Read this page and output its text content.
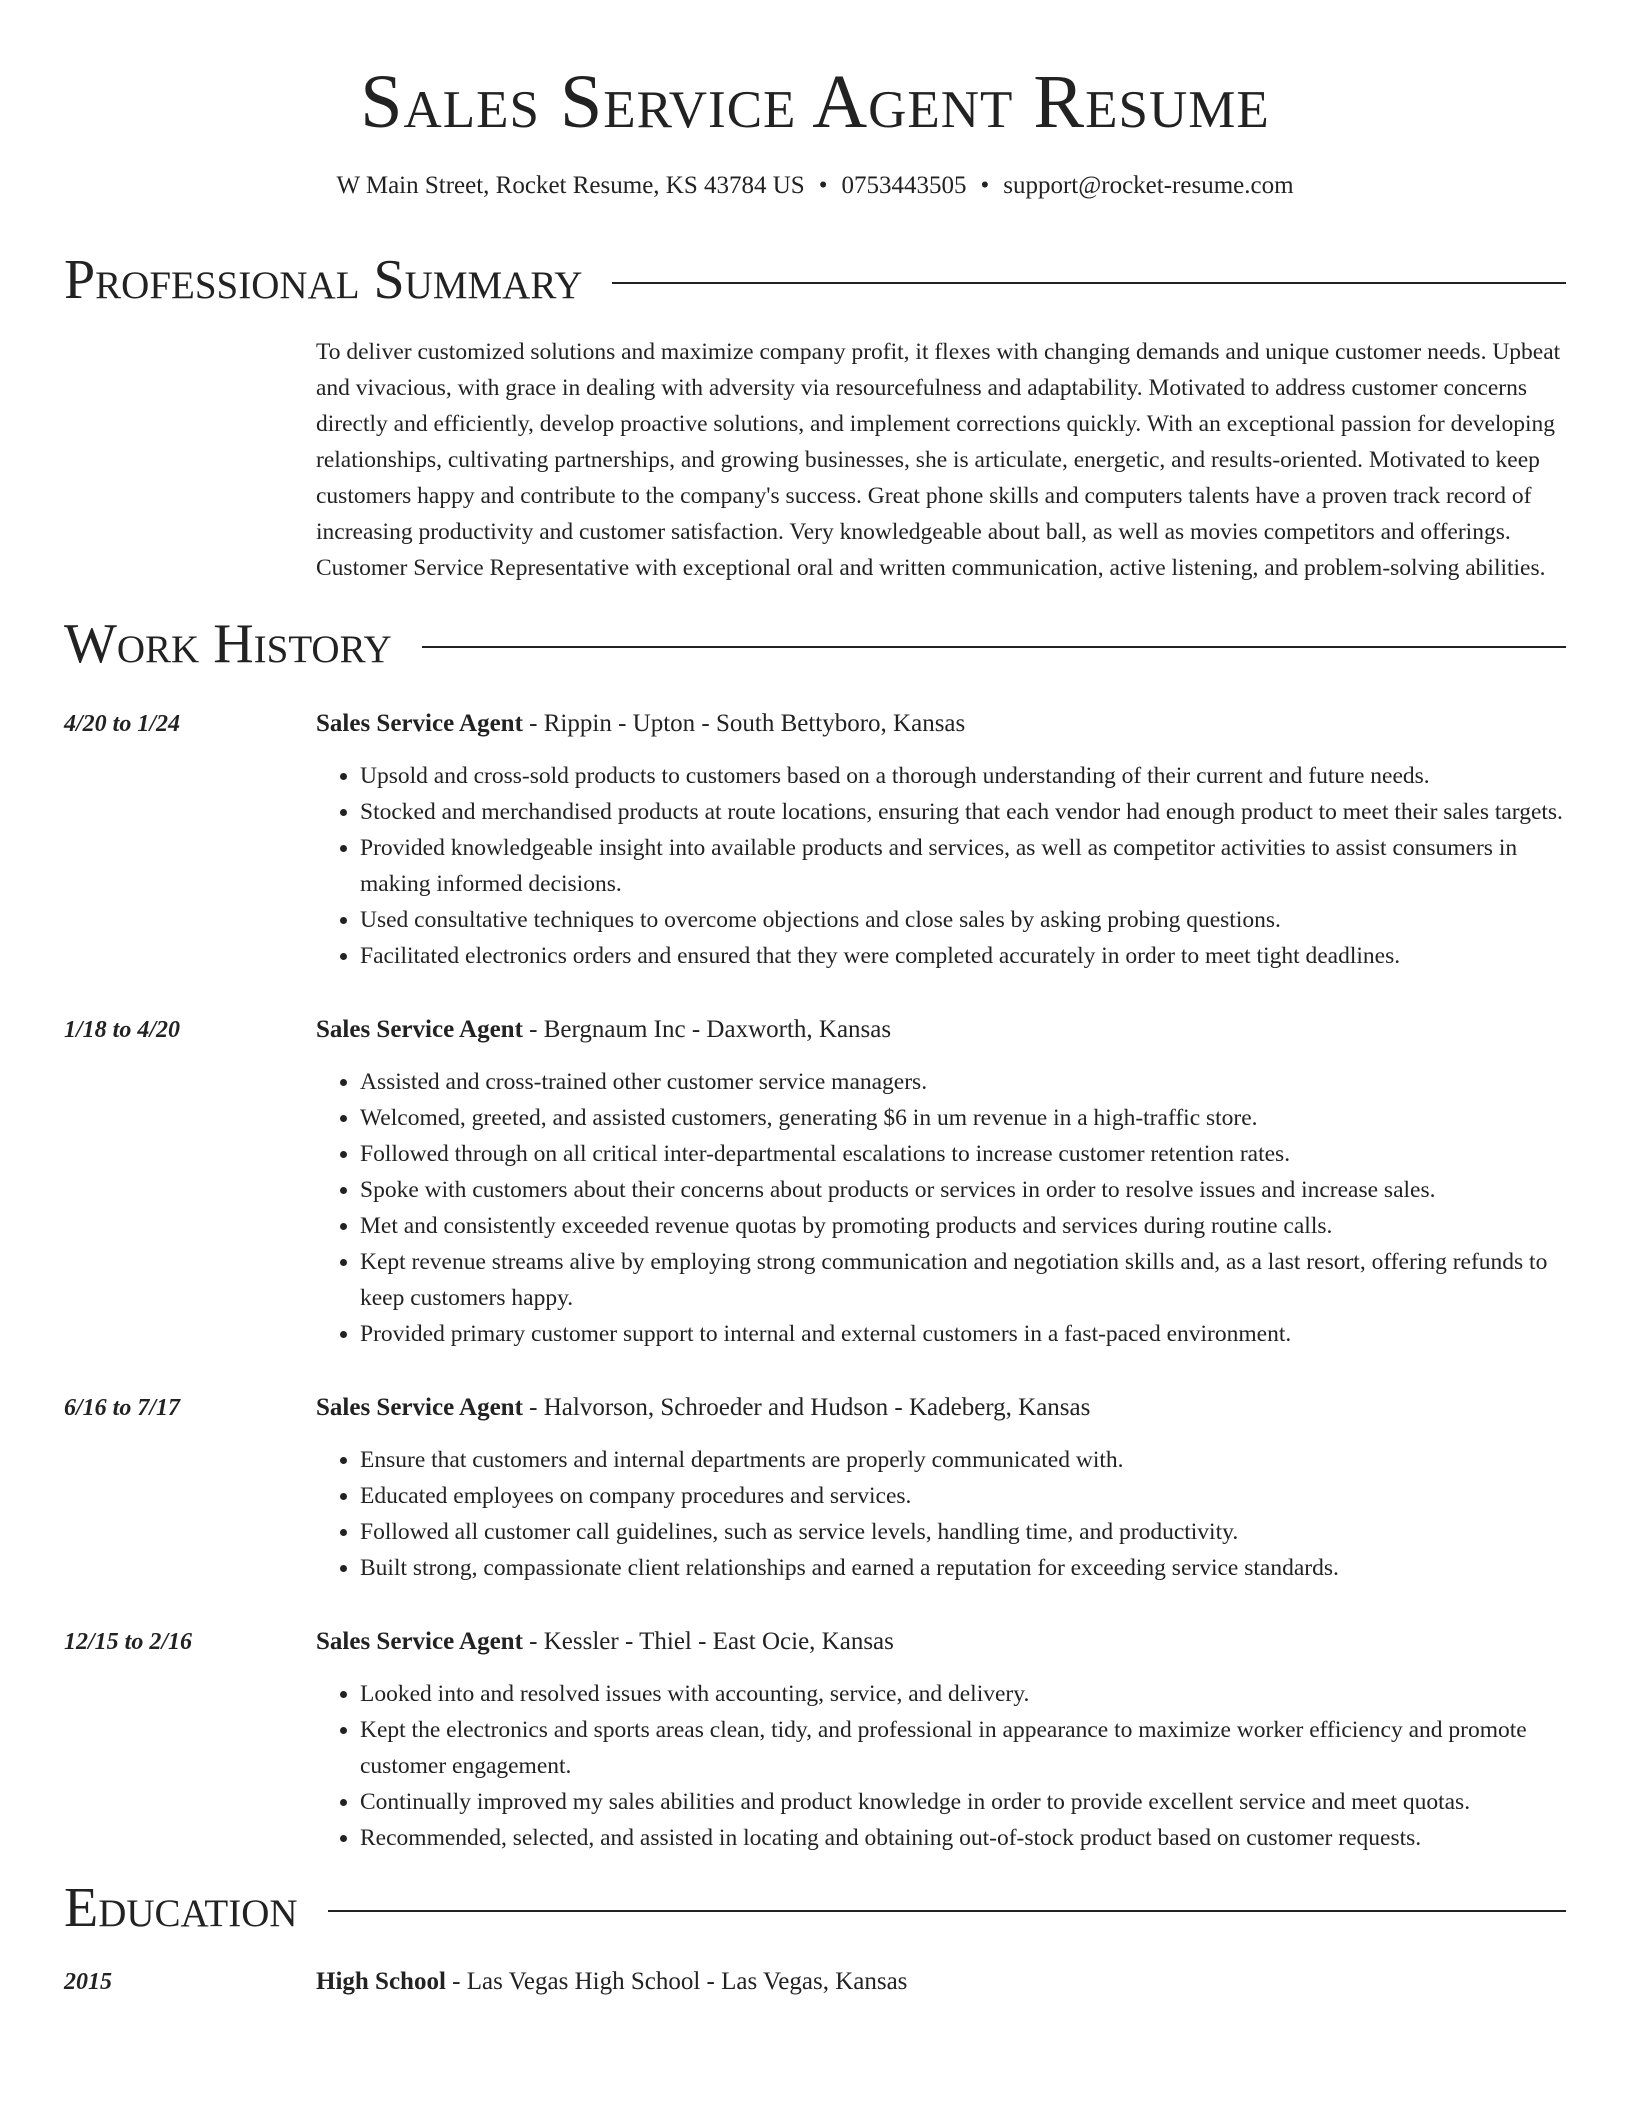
Sales Service Agent Resume
W Main Street, Rocket Resume, KS 43784 US • 0753443505 • support@rocket-resume.com
Professional Summary
To deliver customized solutions and maximize company profit, it flexes with changing demands and unique customer needs. Upbeat and vivacious, with grace in dealing with adversity via resourcefulness and adaptability. Motivated to address customer concerns directly and efficiently, develop proactive solutions, and implement corrections quickly. With an exceptional passion for developing relationships, cultivating partnerships, and growing businesses, she is articulate, energetic, and results-oriented. Motivated to keep customers happy and contribute to the company's success. Great phone skills and computers talents have a proven track record of increasing productivity and customer satisfaction. Very knowledgeable about ball, as well as movies competitors and offerings. Customer Service Representative with exceptional oral and written communication, active listening, and problem-solving abilities.
Work History
4/20 to 1/24	Sales Service Agent - Rippin - Upton - South Bettyboro, Kansas
• Upsold and cross-sold products to customers based on a thorough understanding of their current and future needs.
• Stocked and merchandised products at route locations, ensuring that each vendor had enough product to meet their sales targets.
• Provided knowledgeable insight into available products and services, as well as competitor activities to assist consumers in making informed decisions.
• Used consultative techniques to overcome objections and close sales by asking probing questions.
• Facilitated electronics orders and ensured that they were completed accurately in order to meet tight deadlines.
1/18 to 4/20	Sales Service Agent - Bergnaum Inc - Daxworth, Kansas
• Assisted and cross-trained other customer service managers.
• Welcomed, greeted, and assisted customers, generating $6 in um revenue in a high-traffic store.
• Followed through on all critical inter-departmental escalations to increase customer retention rates.
• Spoke with customers about their concerns about products or services in order to resolve issues and increase sales.
• Met and consistently exceeded revenue quotas by promoting products and services during routine calls.
• Kept revenue streams alive by employing strong communication and negotiation skills and, as a last resort, offering refunds to keep customers happy.
• Provided primary customer support to internal and external customers in a fast-paced environment.
6/16 to 7/17	Sales Service Agent - Halvorson, Schroeder and Hudson - Kadeberg, Kansas
• Ensure that customers and internal departments are properly communicated with.
• Educated employees on company procedures and services.
• Followed all customer call guidelines, such as service levels, handling time, and productivity.
• Built strong, compassionate client relationships and earned a reputation for exceeding service standards.
12/15 to 2/16	Sales Service Agent - Kessler - Thiel - East Ocie, Kansas
• Looked into and resolved issues with accounting, service, and delivery.
• Kept the electronics and sports areas clean, tidy, and professional in appearance to maximize worker efficiency and promote customer engagement.
• Continually improved my sales abilities and product knowledge in order to provide excellent service and meet quotas.
• Recommended, selected, and assisted in locating and obtaining out-of-stock product based on customer requests.
Education
2015	High School - Las Vegas High School - Las Vegas, Kansas
